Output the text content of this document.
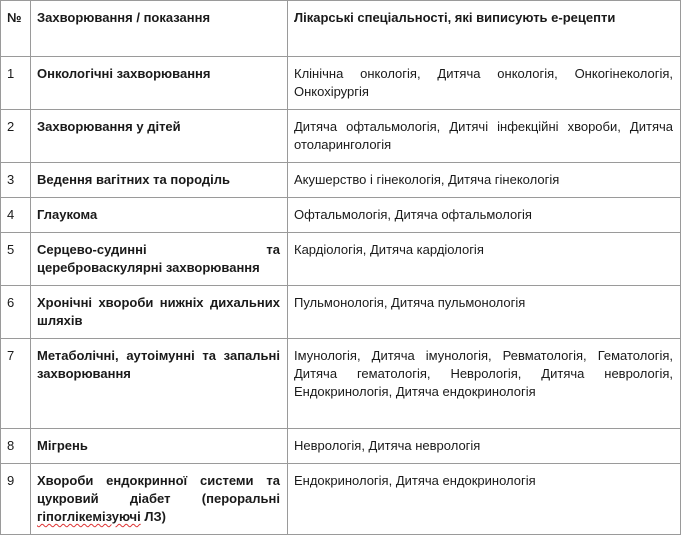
№	Захворювання / показання	Лікарські спеціальності, які виписують е-рецепти
1	Онкологічні захворювання	Клінічна онкологія, Дитяча онкологія, Онкогінекологія, Онкохірургія
2	Захворювання у дітей	Дитяча офтальмологія, Дитячі інфекційні хвороби, Дитяча отоларингологія
3	Ведення вагітних та породіль	Акушерство і гінекологія, Дитяча гінекологія
4	Глаукома	Офтальмологія, Дитяча офтальмологія
5	Серцево-судинні та цереброваскулярні захворювання	Кардіологія, Дитяча кардіологія
6	Хронічні хвороби нижніх дихальних шляхів	Пульмонологія, Дитяча пульмонологія
7	Метаболічні, аутоімунні та запальні захворювання	Імунологія, Дитяча імунологія, Ревматологія, Гематологія, Дитяча гематологія, Неврологія, Дитяча неврологія, Ендокринологія, Дитяча ендокринологія
8	Мігрень	Неврологія, Дитяча неврологія
9	Хвороби ендокринної системи та цукровий діабет (пероральні гіпоглікемізуючі ЛЗ)	Ендокринологія, Дитяча ендокринологія
